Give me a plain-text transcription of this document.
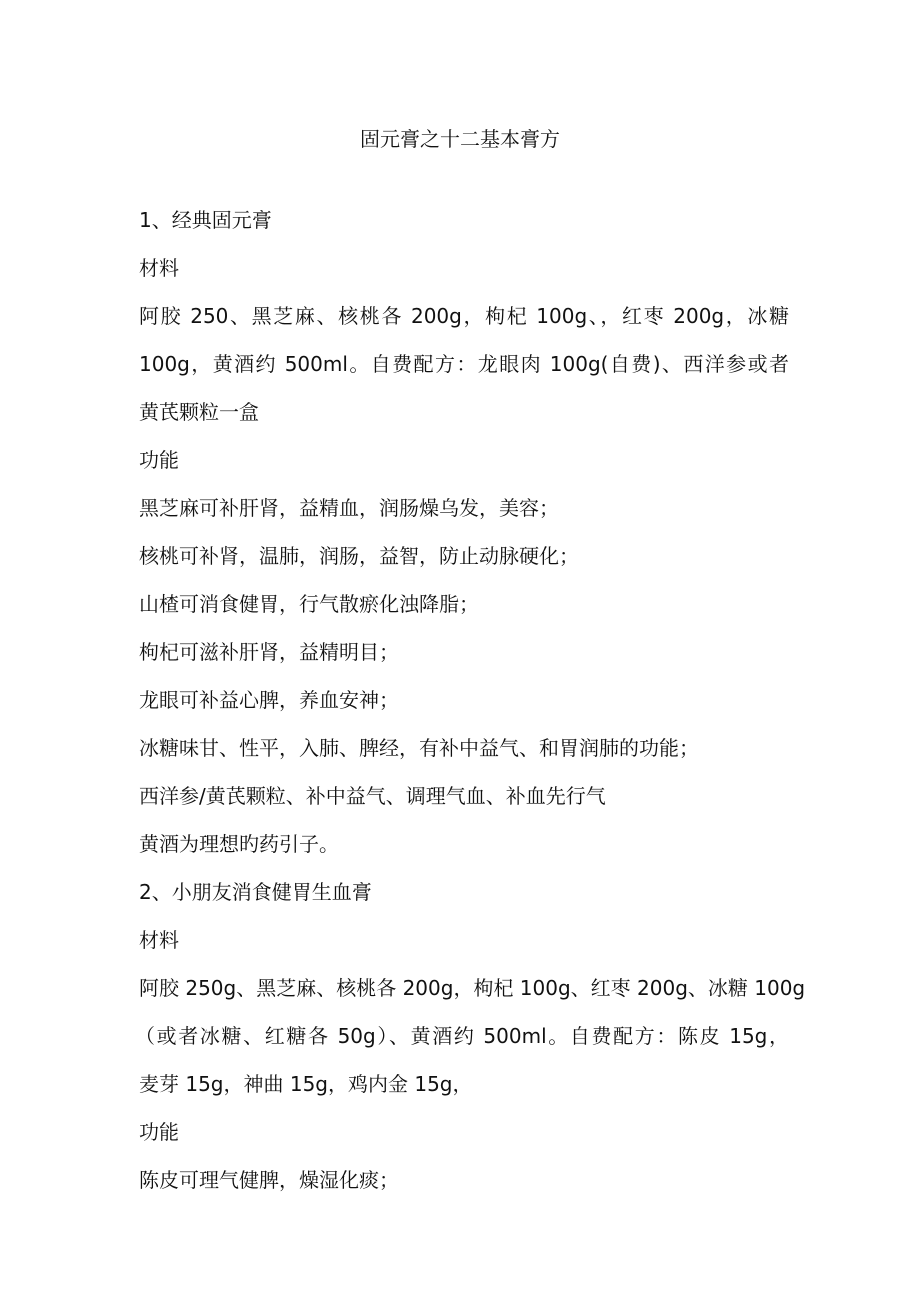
固元膏之十二基本膏方
1、经典固元膏
材料
阿胶 250、黑芝麻、核桃各 200g，枸杞 100g、，红枣 200g，冰糖
100g，黄酒约 500ml。自费配方：龙眼肉 100g(自费)、西洋参或者
黄芪颗粒一盒
功能
黑芝麻可补肝肾，益精血，润肠燥乌发，美容；
核桃可补肾，温肺，润肠，益智，防止动脉硬化；
山楂可消食健胃，行气散瘀化浊降脂；
枸杞可滋补肝肾，益精明目；
龙眼可补益心脾，养血安神；
冰糖味甘、性平，入肺、脾经，有补中益气、和胃润肺的功能；
西洋参/黄芪颗粒、补中益气、调理气血、补血先行气
黄酒为理想旳药引子。
2、小朋友消食健胃生血膏
材料
阿胶 250g、黑芝麻、核桃各 200g，枸杞 100g、红枣 200g、冰糖 100g
（或者冰糖、红糖各 50g）、黄酒约 500ml。自费配方：陈皮 15g，
麦芽 15g，神曲 15g，鸡内金 15g，
功能
陈皮可理气健脾，燥湿化痰；
